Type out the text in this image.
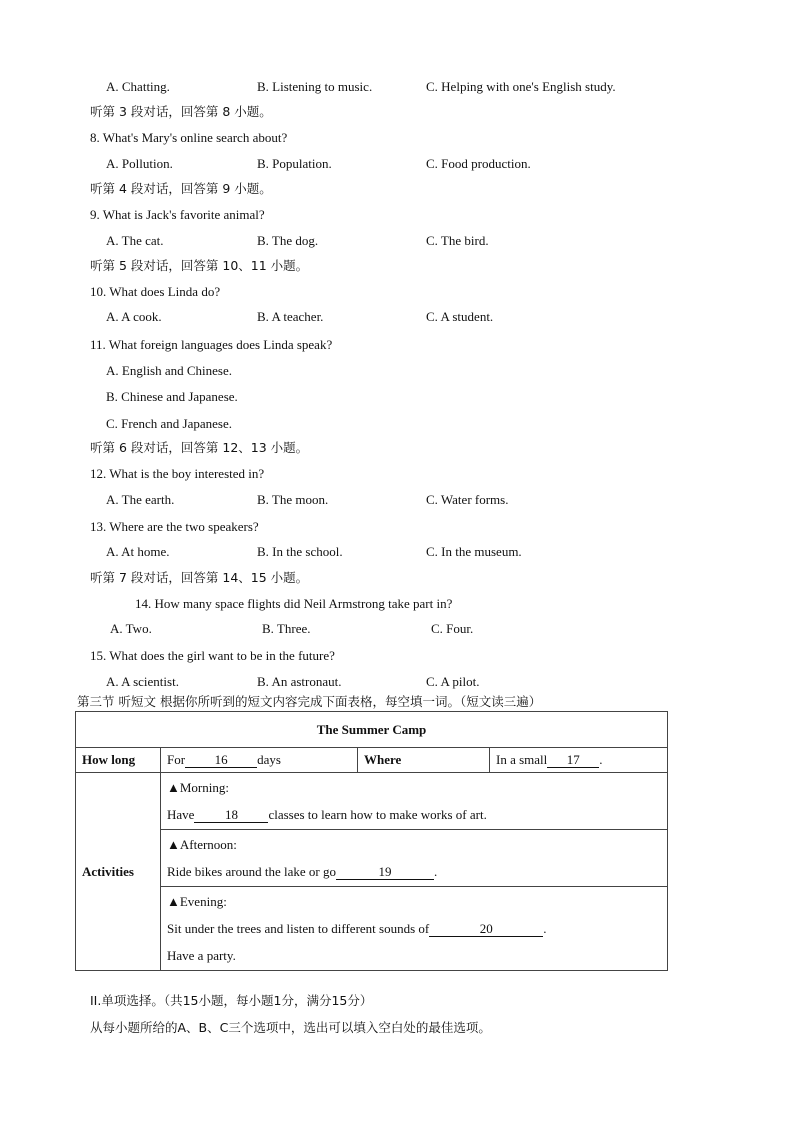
A. Chatting.	B. Listening to music.	C. Helping with one's English study.
听第 3 段对话，回答第 8 小题。
8. What's Mary's online search about?
A. Pollution.	B. Population.	C. Food production.
听第 4 段对话，回答第 9 小题。
9. What is Jack's favorite animal?
A. The cat.	B. The dog.	C. The bird.
听第 5 段对话，回答第 10、11 小题。
10. What does Linda do?
A. A cook.	B. A teacher.	C. A student.
11. What foreign languages does Linda speak?
A. English and Chinese.
B. Chinese and Japanese.
C. French and Japanese.
听第 6 段对话，回答第 12、13 小题。
12. What is the boy interested in?
A. The earth.	B. The moon.	C. Water forms.
13. Where are the two speakers?
A. At home.	B. In the school.	C. In the museum.
听第 7 段对话，回答第 14、15 小题。
14. How many space flights did Neil Armstrong take part in?
A. Two.	B. Three.	C. Four.
15. What does the girl want to be in the future?
A. A scientist.	B. An astronaut.	C. A pilot.
第三节 听短文 根据你所听到的短文内容完成下面表格，每空填一词。（短文读三遍）
The Summer Camp			
How long	For 16 days	Where	In a small 17 .
Activities	▲Morning:
Have 18 classes to learn how to make works of art.		

	▲Afternoon:
Ride bikes around the lake or go 19 .		

	▲Evening:
Sit under the trees and listen to different sounds of 20 .
Have a party.		
II.单项选择。（共15小题，每小题1分，满分15分）
从每小题所给的A、B、C三个选项中，选出可以填入空白处的最佳选项。
